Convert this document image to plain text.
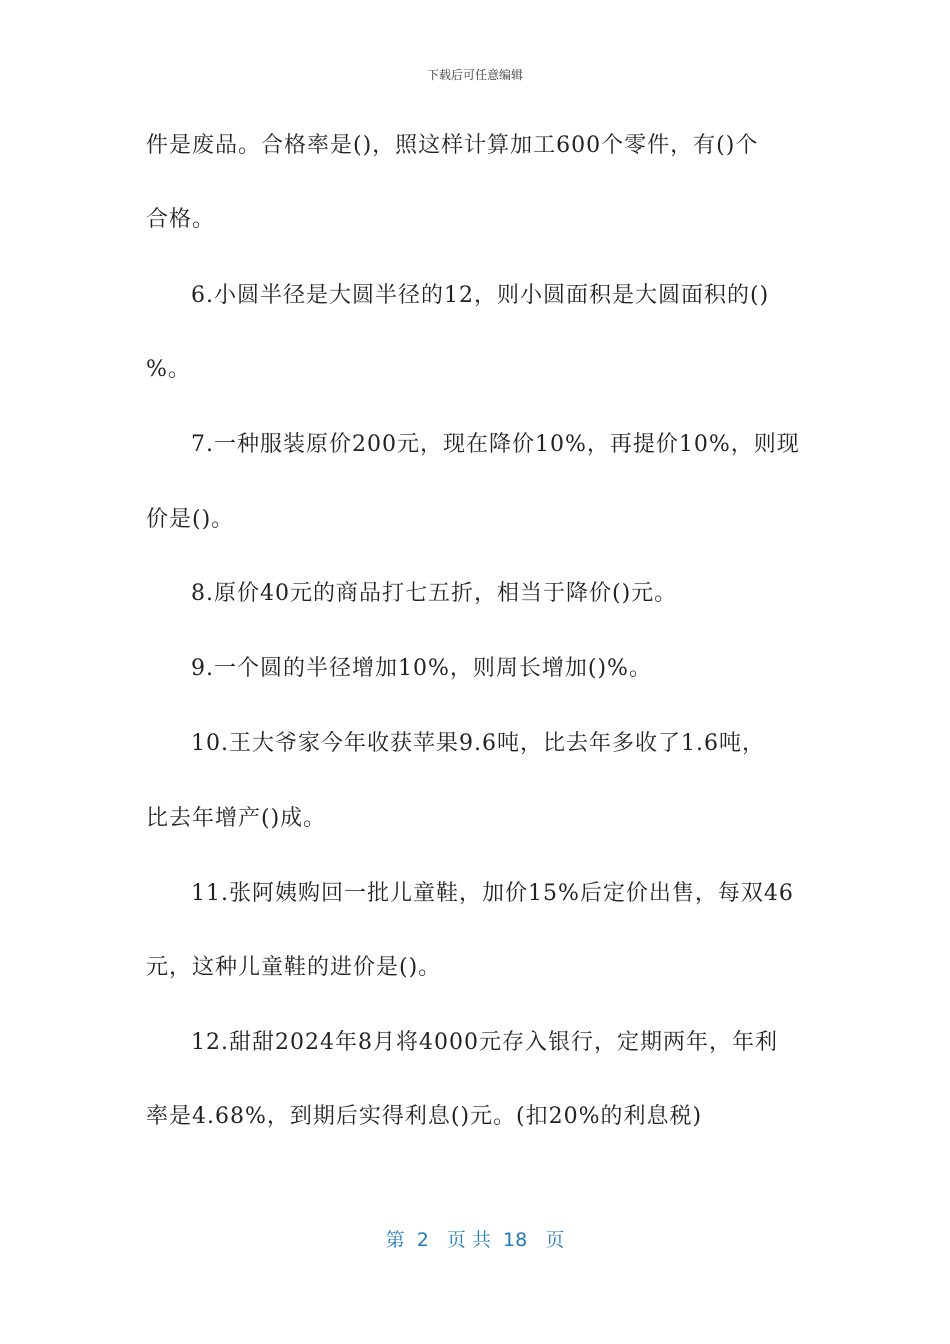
下载后可任意编辑
件是废品。合格率是()，照这样计算加工600个零件，有()个
合格。
6.小圆半径是大圆半径的12，则小圆面积是大圆面积的()
%。
7.一种服装原价200元，现在降价10%，再提价10%，则现
价是()。
8.原价40元的商品打七五折，相当于降价()元。
9.一个圆的半径增加10%，则周长增加()%。
10.王大爷家今年收获苹果9.6吨，比去年多收了1.6吨，
比去年增产()成。
11.张阿姨购回一批儿童鞋，加价15%后定价出售，每双46
元，这种儿童鞋的进价是()。
12.甜甜2024年8月将4000元存入银行，定期两年，年利
率是4.68%，到期后实得利息()元。(扣20%的利息税)
第  2   页 共  18   页
